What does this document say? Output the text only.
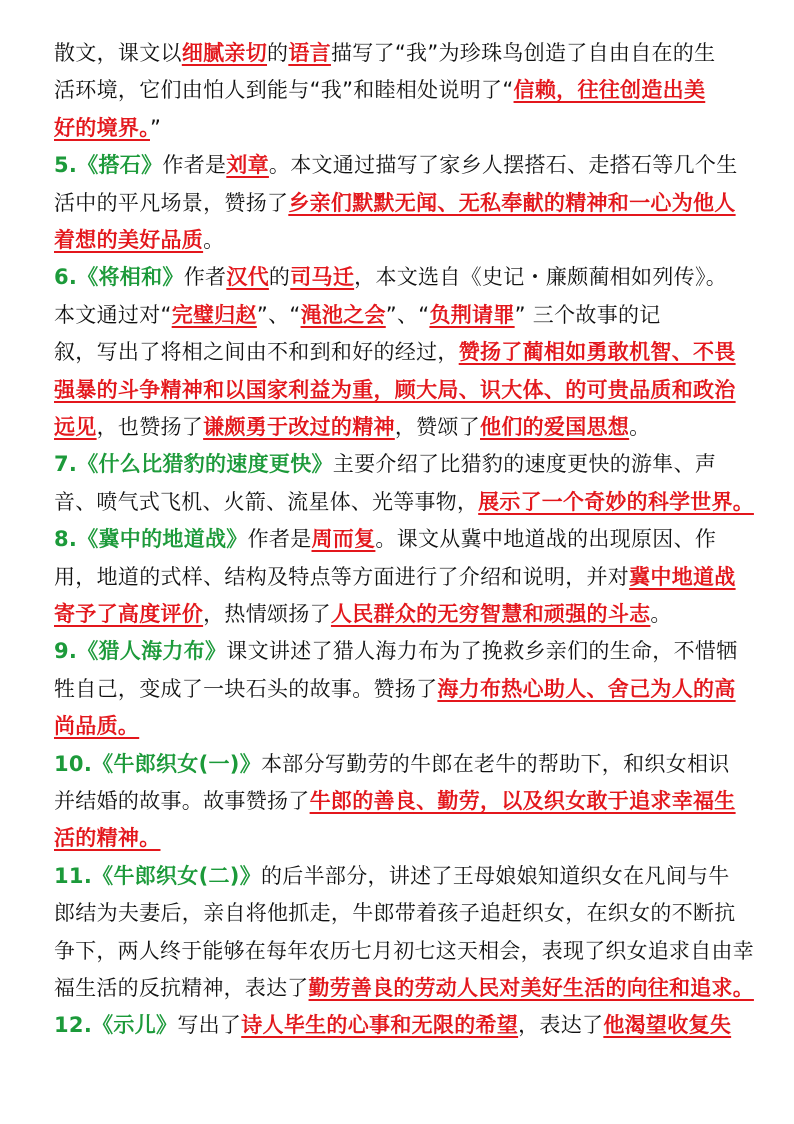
散文，课文以细腻亲切的语言描写了“我”为珍珠鸟创造了自由自在的生
活环境，它们由怕人到能与“我”和睦相处说明了“信赖，往往创造出美
好的境界。”
5.《搭石》作者是刘章。本文通过描写了家乡人摆搭石、走搭石等几个生
活中的平凡场景，赞扬了乡亲们默默无闻、无私奉献的精神和一心为他人
着想的美好品质。
6.《将相和》作者汉代的司马迁，本文选自《史记・廉颇蔺相如列传》。
本文通过对“完璧归赵”、“渑池之会”、“负荆请罪” 三个故事的记
叙，写出了将相之间由不和到和好的经过，赞扬了蔺相如勇敢机智、不畏
强暴的斗争精神和以国家利益为重，顾大局、识大体、的可贵品质和政治
远见，也赞扬了谦颇勇于改过的精神，赞颂了他们的爱国思想。
7.《什么比猎豹的速度更快》主要介绍了比猎豹的速度更快的游隼、声
音、喷气式飞机、火箭、流星体、光等事物，展示了一个奇妙的科学世界。
8.《冀中的地道战》作者是周而复。课文从冀中地道战的出现原因、作
用，地道的式样、结构及特点等方面进行了介绍和说明，并对冀中地道战
寄予了高度评价，热情颂扬了人民群众的无穷智慧和顽强的斗志。
9.《猎人海力布》课文讲述了猎人海力布为了挽救乡亲们的生命，不惜牺
牲自己，变成了一块石头的故事。赞扬了海力布热心助人、舍己为人的高
尚品质。
10.《牛郎织女(一)》本部分写勤劳的牛郎在老牛的帮助下，和织女相识
并结婚的故事。故事赞扬了牛郎的善良、勤劳，以及织女敢于追求幸福生
活的精神。
11.《牛郎织女(二)》的后半部分，讲述了王母娘娘知道织女在凡间与牛
郎结为夫妻后，亲自将他抓走，牛郎带着孩子追赶织女，在织女的不断抗
争下，两人终于能够在每年农历七月初七这天相会，表现了织女追求自由幸
福生活的反抗精神，表达了勤劳善良的劳动人民对美好生活的向往和追求。
12.《示儿》写出了诗人毕生的心事和无限的希望，表达了他渴望收复失
